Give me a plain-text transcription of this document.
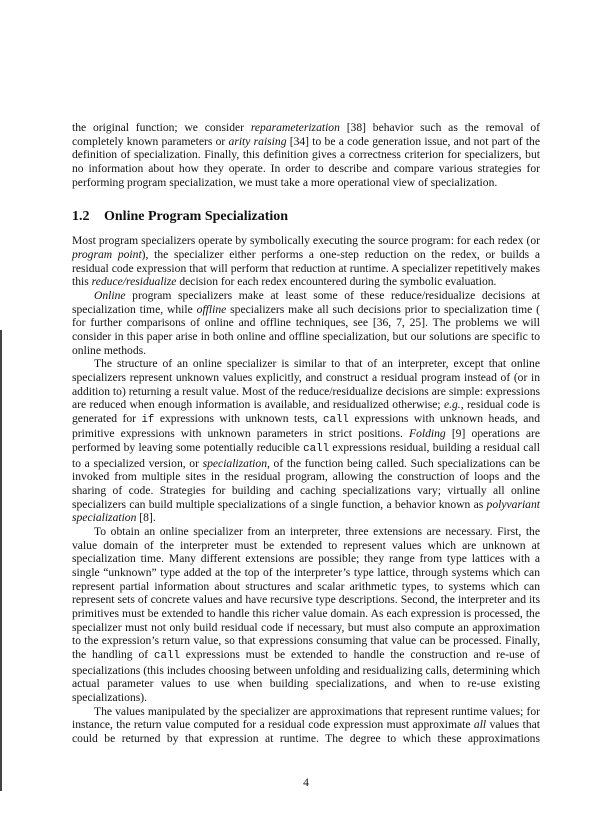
the original function; we consider reparameterization [38] behavior such as the removal of completely known parameters or arity raising [34] to be a code generation issue, and not part of the definition of specialization. Finally, this definition gives a correctness criterion for specializers, but no information about how they operate. In order to describe and compare various strategies for performing program specialization, we must take a more operational view of specialization.

1.2 Online Program Specialization

Most program specializers operate by symbolically executing the source program: for each redex (or program point), the specializer either performs a one-step reduction on the redex, or builds a residual code expression that will perform that reduction at runtime. A specializer repetitively makes this reduce/residualize decision for each redex encountered during the symbolic evaluation.

Online program specializers make at least some of these reduce/residualize decisions at specialization time, while offline specializers make all such decisions prior to specialization time ( for further comparisons of online and offline techniques, see [36, 7, 25]. The problems we will consider in this paper arise in both online and offline specialization, but our solutions are specific to online methods.

The structure of an online specializer is similar to that of an interpreter, except that online specializers represent unknown values explicitly, and construct a residual program instead of (or in addition to) returning a result value. Most of the reduce/residualize decisions are simple: expressions are reduced when enough information is available, and residualized otherwise; e.g., residual code is generated for if expressions with unknown tests, call expressions with unknown heads, and primitive expressions with unknown parameters in strict positions. Folding [9] operations are performed by leaving some potentially reducible call expressions residual, building a residual call to a specialized version, or specialization, of the function being called. Such specializations can be invoked from multiple sites in the residual program, allowing the construction of loops and the sharing of code. Strategies for building and caching specializations vary; virtually all online specializers can build multiple specializations of a single function, a behavior known as polyvariant specialization [8].

To obtain an online specializer from an interpreter, three extensions are necessary. First, the value domain of the interpreter must be extended to represent values which are unknown at specialization time. Many different extensions are possible; they range from type lattices with a single “unknown” type added at the top of the interpreter’s type lattice, through systems which can represent partial information about structures and scalar arithmetic types, to systems which can represent sets of concrete values and have recursive type descriptions. Second, the interpreter and its primitives must be extended to handle this richer value domain. As each expression is processed, the specializer must not only build residual code if necessary, but must also compute an approximation to the expression’s return value, so that expressions consuming that value can be processed. Finally, the handling of call expressions must be extended to handle the construction and re-use of specializations (this includes choosing between unfolding and residualizing calls, determining which actual parameter values to use when building specializations, and when to re-use existing specializations).

The values manipulated by the specializer are approximations that represent runtime values; for instance, the return value computed for a residual code expression must approximate all values that could be returned by that expression at runtime. The degree to which these approximations

4
